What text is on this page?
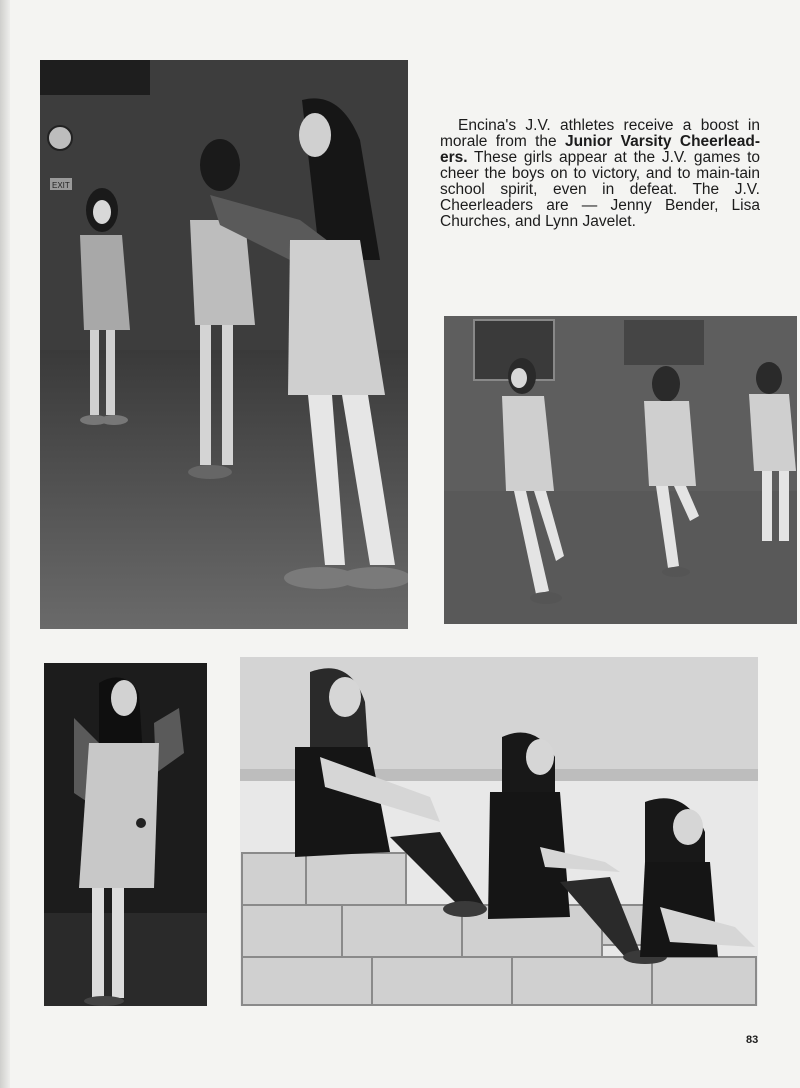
EXIT
Encina's J.V. athletes receive a boost in morale from the Junior Varsity Cheerlead-ers. These girls appear at the J.V. games to cheer the boys on to victory, and to main-tain school spirit, even in defeat. The J.V. Cheerleaders are — Jenny Bender, Lisa Churches, and Lynn Javelet.
83
